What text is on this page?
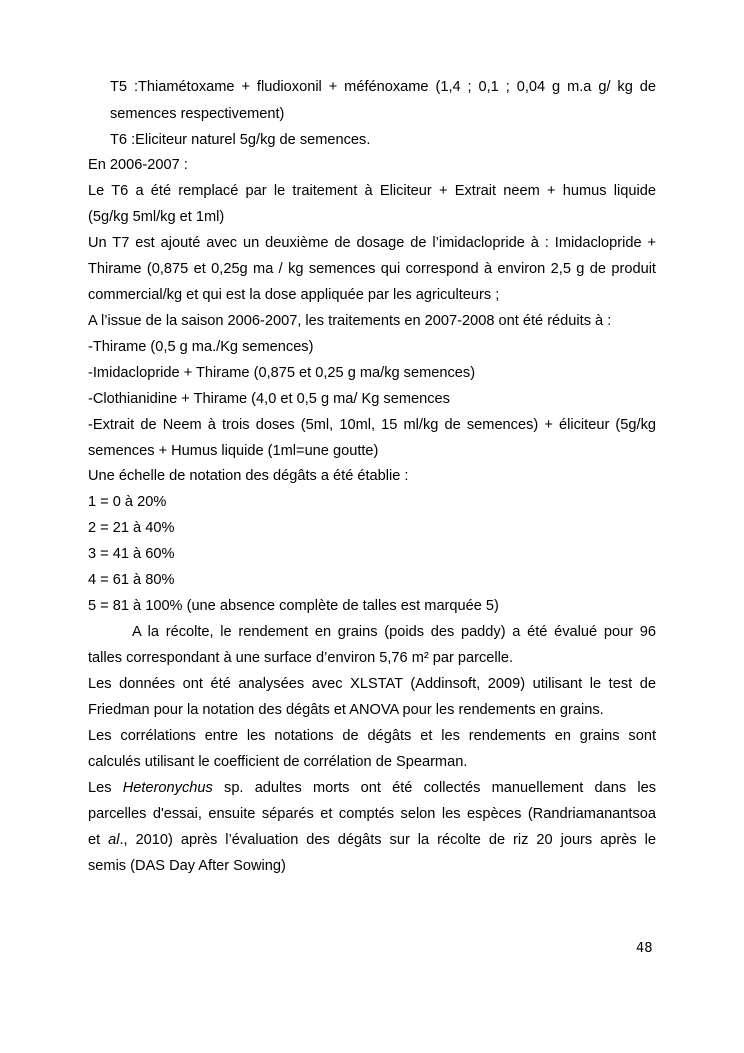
T5 :Thiamétoxame + fludioxonil + méfénoxame (1,4 ; 0,1 ; 0,04 g m.a g/ kg de
semences respectivement)
T6 :Eliciteur naturel 5g/kg de semences.
En 2006-2007 :
Le T6 a été remplacé par le traitement à Eliciteur + Extrait neem + humus liquide
(5g/kg 5ml/kg et 1ml)
Un T7 est ajouté avec un deuxième de dosage de l’imidaclopride à : Imidaclopride +
Thirame (0,875 et 0,25g ma / kg semences qui correspond à environ 2,5 g de produit
commercial/kg et qui est la dose appliquée par les agriculteurs ;
A l’issue de la saison 2006-2007, les traitements en 2007-2008 ont été réduits à :
-Thirame (0,5 g ma./Kg semences)
-Imidaclopride + Thirame (0,875 et 0,25 g ma/kg semences)
-Clothianidine + Thirame (4,0 et 0,5 g ma/ Kg semences
-Extrait de Neem à trois doses (5ml, 10ml, 15 ml/kg de semences) + éliciteur (5g/kg
semences + Humus liquide (1ml=une goutte)
Une échelle de notation des dégâts a été établie :
1 = 0 à 20%
2 = 21 à 40%
3 = 41 à 60%
4 = 61 à 80%
5 = 81 à 100% (une absence complète de talles est marquée 5)
A la récolte, le rendement en grains (poids des paddy) a été évalué pour 96
talles correspondant à une surface d’environ 5,76 m² par parcelle.
Les données ont été analysées avec XLSTAT (Addinsoft, 2009) utilisant le test de
Friedman pour la notation des dégâts et ANOVA pour les rendements en grains.
Les corrélations entre les notations de dégâts et les rendements en grains sont
calculés utilisant le coefficient de corrélation de Spearman.
Les Heteronychus sp. adultes morts ont été collectés manuellement dans les
parcelles d'essai, ensuite séparés et comptés selon les espèces (Randriamanantsoa
et al., 2010) après l’évaluation des dégâts sur la récolte de riz 20 jours après le
semis (DAS Day After Sowing)
48
